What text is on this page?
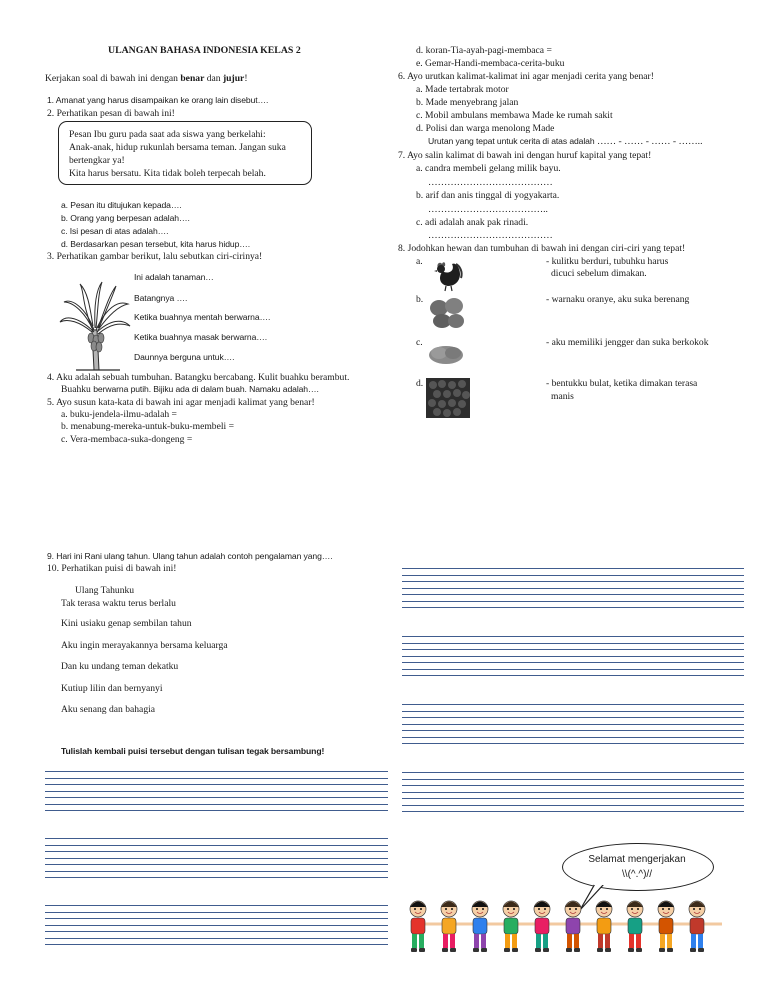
ULANGAN BAHASA INDONESIA KELAS 2
Kerjakan soal di bawah ini dengan benar dan jujur!
1. Amanat yang harus disampaikan ke orang lain disebut….
2. Perhatikan pesan di bawah ini!
Pesan Ibu guru pada saat ada siswa yang berkelahi:
Anak-anak, hidup rukunlah bersama teman. Jangan suka
bertengkar ya!
Kita harus bersatu. Kita tidak boleh terpecah belah.
a. Pesan itu ditujukan kepada….
b. Orang yang berpesan adalah….
c. Isi pesan di atas adalah….
d. Berdasarkan pesan tersebut, kita harus hidup….
3. Perhatikan gambar berikut, lalu sebutkan ciri-cirinya!
Ini adalah tanaman…
Batangnya ….
Ketika buahnya mentah berwarna….
Ketika buahnya masak berwarna….
Daunnya berguna untuk….
4. Aku adalah sebuah tumbuhan. Batangku bercabang. Kulit buahku berambut.
Buahku berwarna putih. Bijiku ada di dalam buah. Namaku adalah….
5. Ayo susun kata-kata di bawah ini agar menjadi kalimat yang benar!
a. buku-jendela-ilmu-adalah =
b. menabung-mereka-untuk-buku-membeli =
c. Vera-membaca-suka-dongeng =
9. Hari ini Rani ulang tahun. Ulang tahun adalah contoh pengalaman yang….
10. Perhatikan puisi di bawah ini!
Ulang Tahunku
Tak terasa waktu terus berlalu
Kini usiaku genap sembilan tahun
Aku ingin merayakannya bersama keluarga
Dan ku undang teman dekatku
Kutiup lilin dan bernyanyi
Aku senang dan bahagia
Tulislah kembali puisi tersebut dengan tulisan tegak bersambung!
d. koran-Tia-ayah-pagi-membaca =
e. Gemar-Handi-membaca-cerita-buku
6. Ayo urutkan kalimat-kalimat ini agar menjadi cerita yang benar!
a. Made tertabrak motor
b. Made menyebrang jalan
c. Mobil ambulans membawa Made ke rumah sakit
d. Polisi dan warga menolong Made
Urutan yang tepat untuk cerita di atas adalah …… - …… - …… - ……..
7. Ayo salin kalimat di bawah ini dengan huruf kapital yang tepat!
a. candra membeli gelang milik bayu.
…………………………………
b. arif dan anis tinggal di yogyakarta.
………………………………..
c. adi adalah anak pak rinadi.
…………………………………
8. Jodohkan hewan dan tumbuhan di bawah ini dengan ciri-ciri yang tepat!
a.
b.
c.
d.
- kulitku berduri, tubuhku harus
dicuci sebelum dimakan.
- warnaku oranye, aku suka berenang
- aku memiliki jengger dan suka berkokok
- bentukku bulat, ketika dimakan terasa
manis
Selamat mengerjakan
\\(^.^)//
